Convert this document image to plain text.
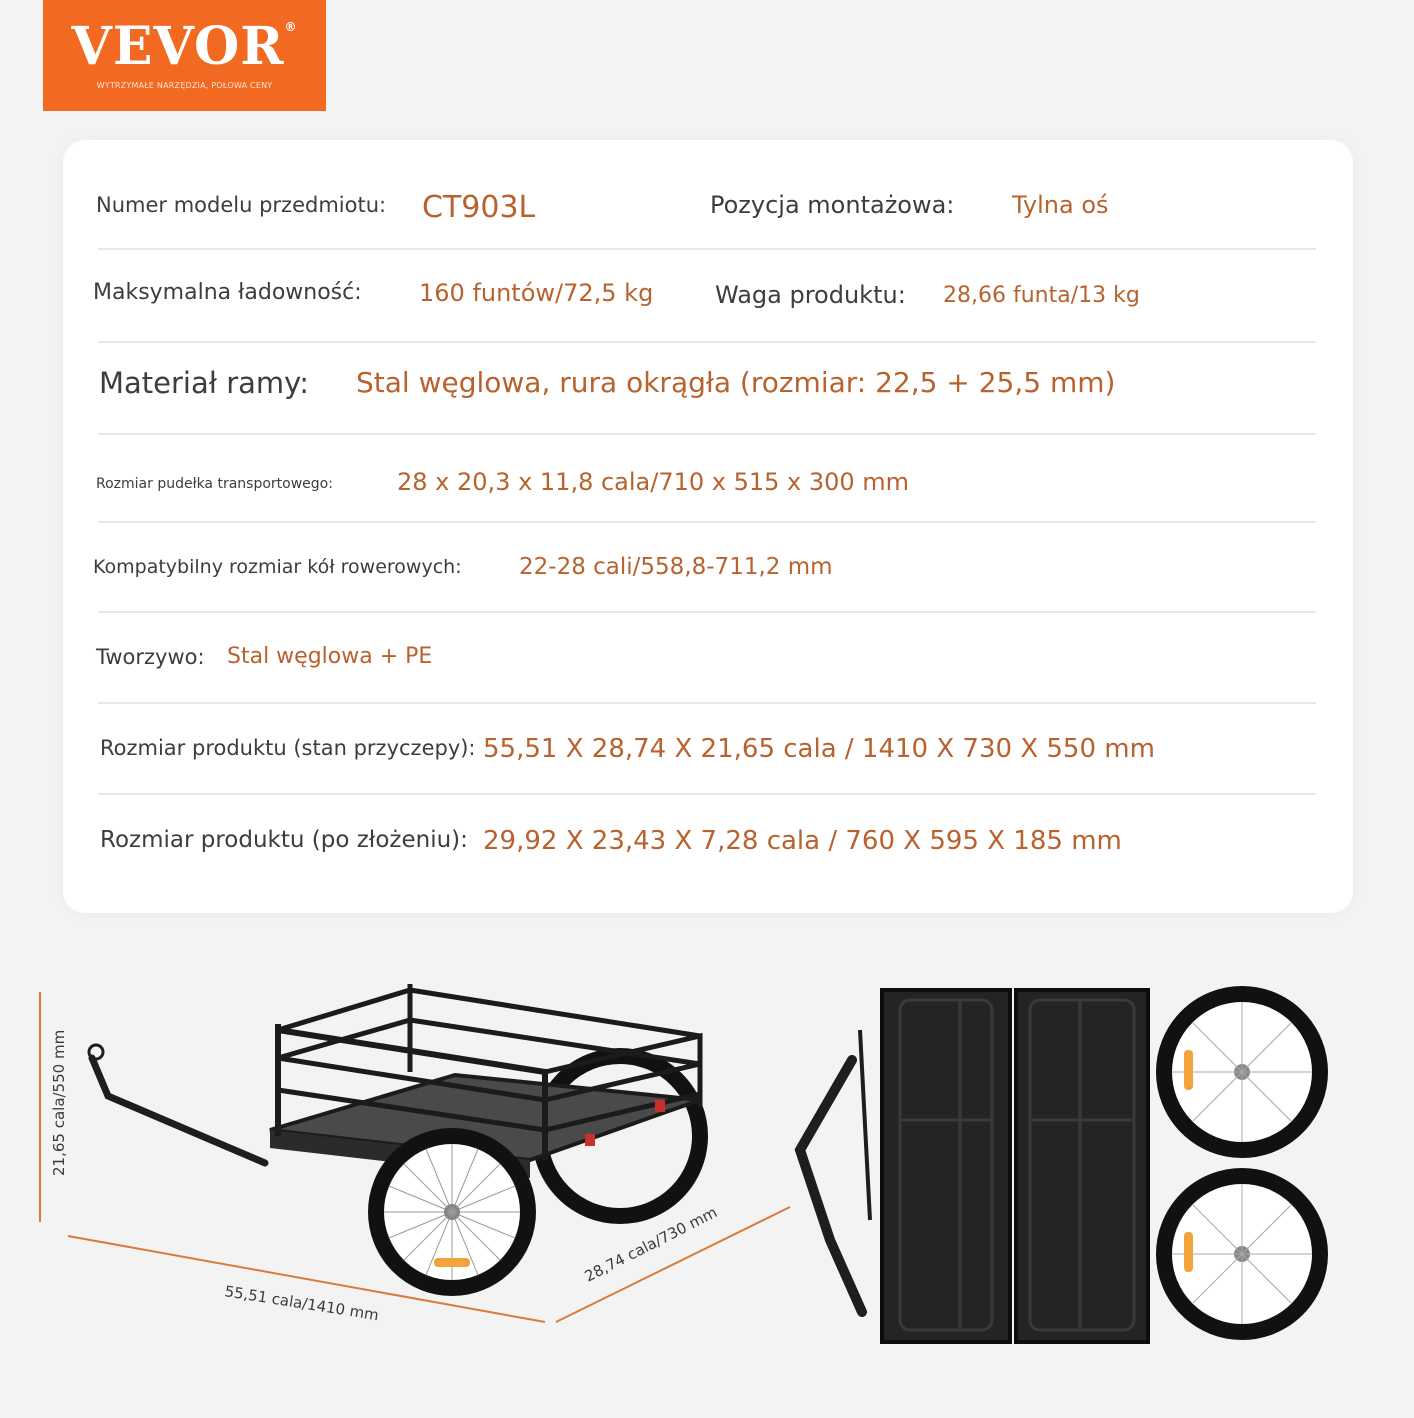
VEVOR®
WYTRZYMAŁE NARZĘDZIA, POŁOWA CENY
Numer modelu przedmiotu: CT903L	Pozycja montażowa: Tylna oś
Maksymalna ładowność: 160 funtów/72,5 kg	Waga produktu: 28,66 funta/13 kg
Materiał ramy: Stal węglowa, rura okrągła (rozmiar: 22,5 + 25,5 mm)
Rozmiar pudełka transportowego:	28 x 20,3 x 11,8 cala/710 x 515 x 300 mm
Kompatybilny rozmiar kół rowerowych: 22-28 cali/558,8-711,2 mm
Tworzywo: Stal węglowa + PE
Rozmiar produktu (stan przyczepy): 55,51 X 28,74 X 21,65 cala / 1410 X 730 X 550 mm
Rozmiar produktu (po złożeniu): 29,92 X 23,43 X 7,28 cala / 760 X 595 X 185 mm
21,65 cala/550 mm
55,51 cala/1410 mm
28,74 cala/730 mm
